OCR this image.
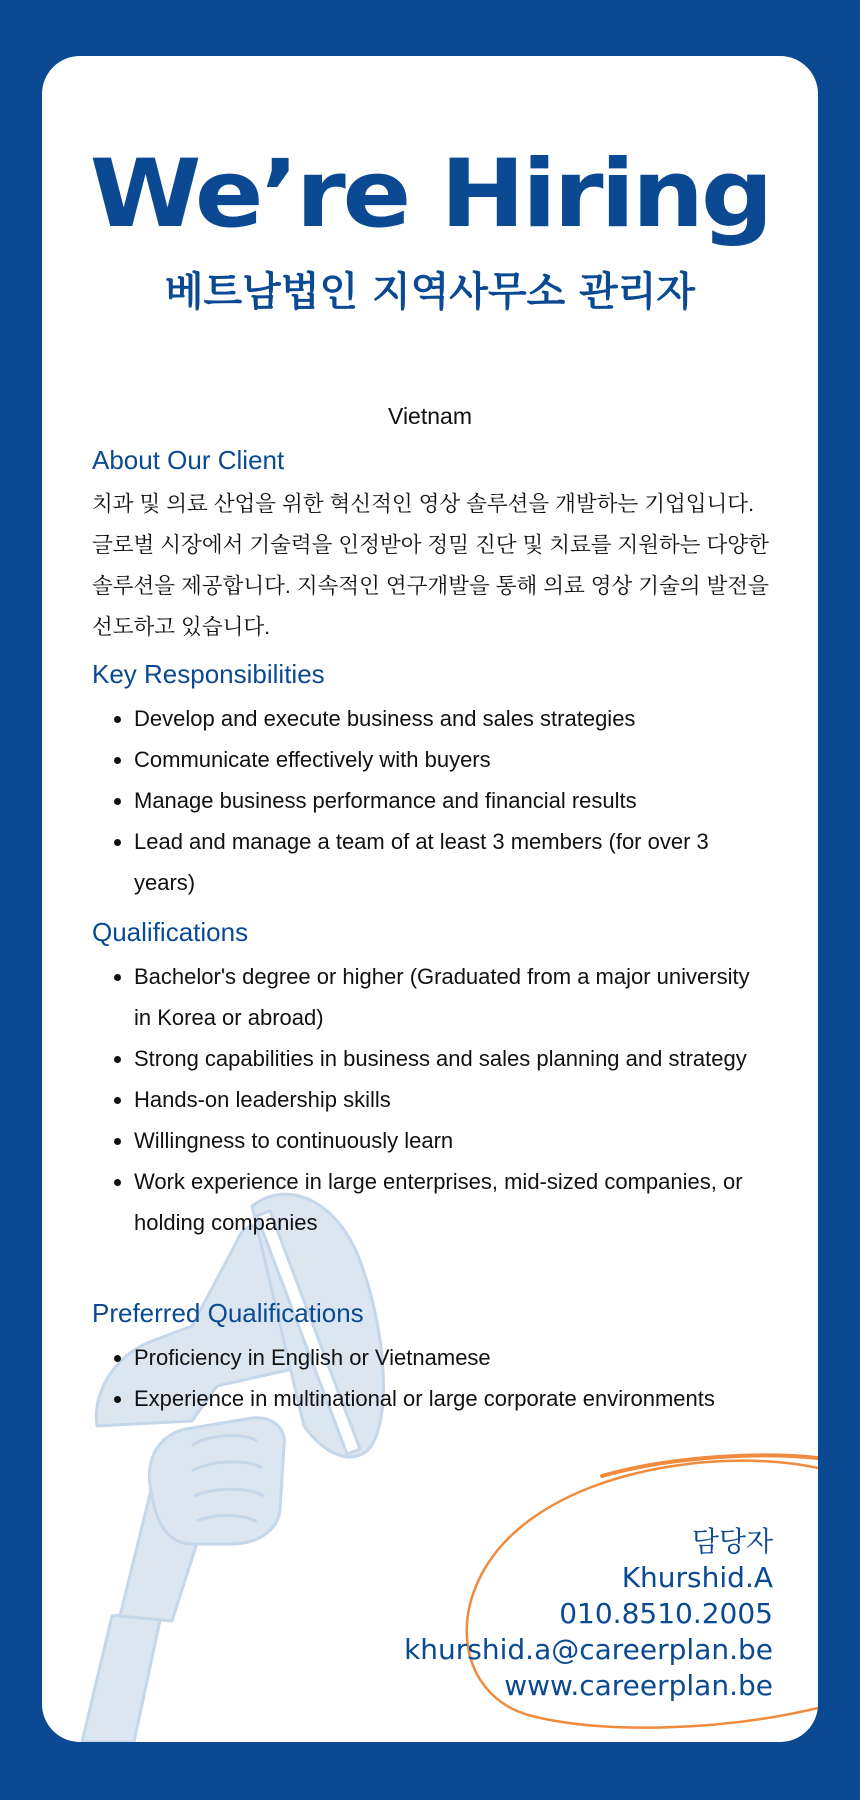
We’re Hiring
베트남법인 지역사무소 관리자
Vietnam
About Our Client

치과 및 의료 산업을 위한 혁신적인 영상 솔루션을 개발하는 기업입니다. 글로벌 시장에서 기술력을 인정받아 정밀 진단 및 치료를 지원하는 다양한 솔루션을 제공합니다. 지속적인 연구개발을 통해 의료 영상 기술의 발전을 선도하고 있습니다.

Key Responsibilities
Develop and execute business and sales strategies
Communicate effectively with buyers
Manage business performance and financial results
Lead and manage a team of at least 3 members (for over 3 years)
Qualifications
Bachelor's degree or higher (Graduated from a major university in Korea or abroad)
Strong capabilities in business and sales planning and strategy
Hands-on leadership skills
Willingness to continuously learn
Work experience in large enterprises, mid-sized companies, or holding companies
Preferred Qualifications
Proficiency in English or Vietnamese
Experience in multinational or large corporate environments
담당자
Khurshid.A
010.8510.2005
khurshid.a@careerplan.be
www.careerplan.be
